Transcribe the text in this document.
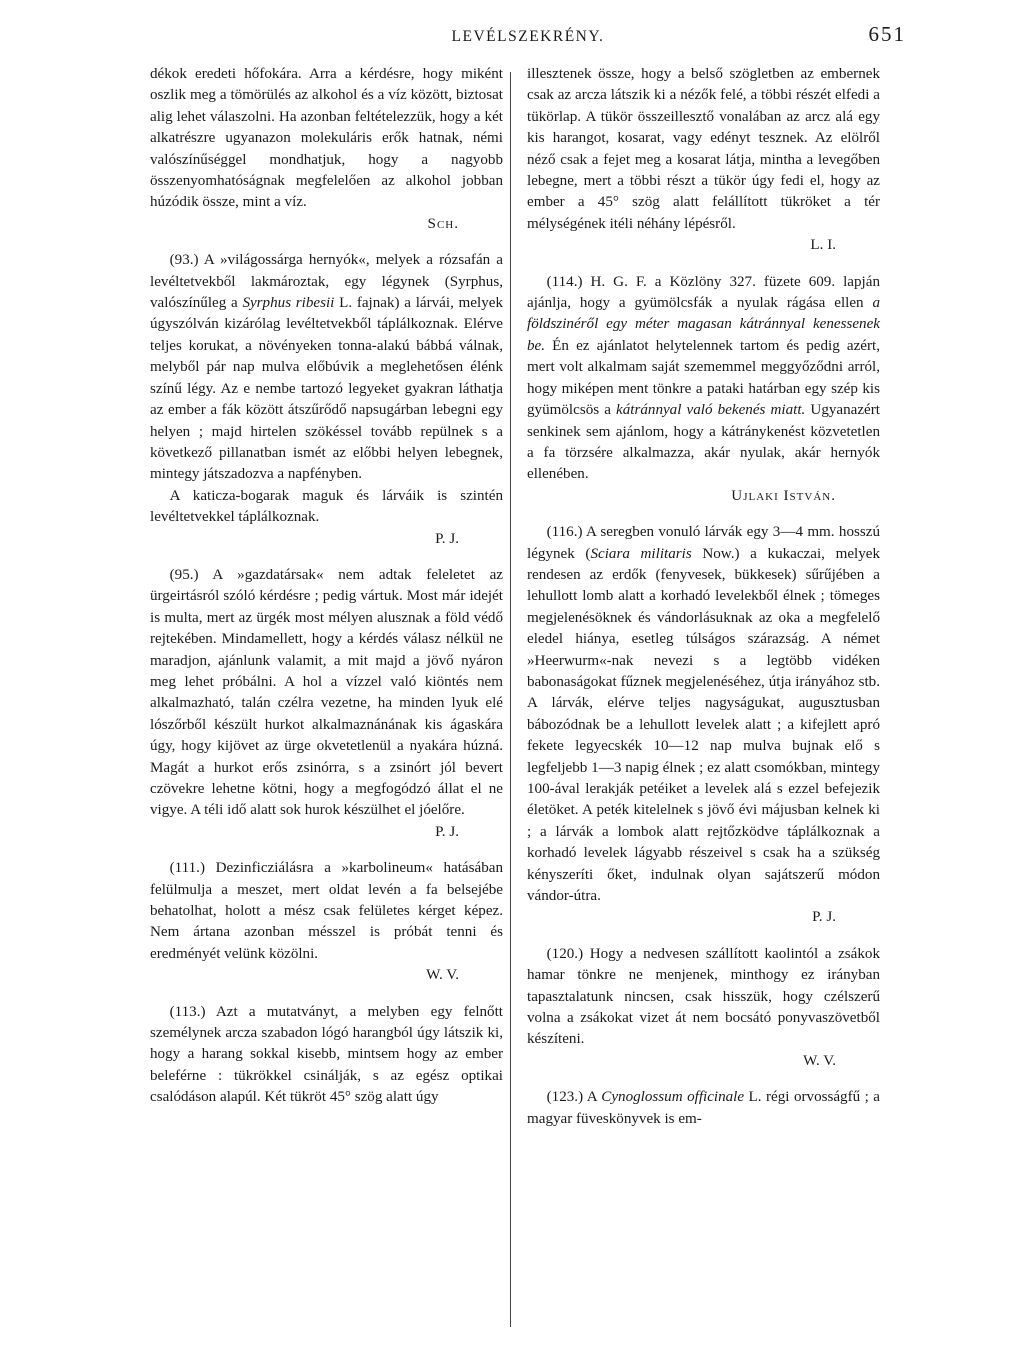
LEVÉLSZEKRÉNY.	651

dékok eredeti hőfokára. Arra a kérdésre, hogy miként oszlik meg a tömörülés az alkohol és a víz között, biztosat alig lehet válaszolni. Ha azonban feltételezzük, hogy a két alkatrészre ugyanazon molekuláris erők hatnak, némi valószínűséggel mondhatjuk, hogy a nagyobb összenyomhatóságnak megfelelően az alkohol jobban húzódik össze, mint a víz.

Sch.

(93.) A »világossárga hernyók«, melyek a rózsafán a levéltetvekből lakmároztak, egy légynek (Syrphus, valószínűleg a Syrphus ribesii L. fajnak) a lárvái, melyek úgyszólván kizárólag levéltetvekből táplálkoznak. Elérve teljes korukat, a növényeken tonna-alakú bábbá válnak, melyből pár nap mulva előbúvik a meglehetősen élénk színű légy. Az e nembe tartozó legyeket gyakran láthatja az ember a fák között átszűrődő napsugárban lebegni egy helyen ; majd hirtelen szökéssel tovább repülnek s a következő pillanatban ismét az előbbi helyen lebegnek, mintegy játszadozva a napfényben.

A katicza-bogarak maguk és lárváik is szintén levéltetvekkel táplálkoznak.

P. J.

(95.) A »gazdatársak« nem adtak feleletet az ürgeirtásról szóló kérdésre ; pedig vártuk. Most már idejét is multa, mert az ürgék most mélyen alusznak a föld védő rejtekében. Mindamellett, hogy a kérdés válasz nélkül ne maradjon, ajánlunk valamit, a mit majd a jövő nyáron meg lehet próbálni. A hol a vízzel való kiöntés nem alkalmazható, talán czélra vezetne, ha minden lyuk elé lószőrből készült hurkot alkalmaznánának kis ágaskára úgy, hogy kijövet az ürge okvetetlenül a nyakára húzná. Magát a hurkot erős zsinórra, s a zsinórt jól bevert czövekre lehetne kötni, hogy a megfogódzó állat el ne vigye. A téli idő alatt sok hurok készülhet el jóelőre.

P. J.

(111.) Dezinficziálásra a »karbolineum« hatásában felülmulja a meszet, mert oldat levén a fa belsejébe behatolhat, holott a mész csak felületes kérget képez. Nem ártana azonban mésszel is próbát tenni és eredményét velünk közölni.

W. V.

(113.) Azt a mutatványt, a melyben egy felnőtt személynek arcza szabadon lógó harangból úgy látszik ki, hogy a harang sokkal kisebb, mintsem hogy az ember beleférne : tükrökkel csinálják, s az egész optikai csalódáson alapúl. Két tükröt 45° szög alatt úgy

illesztenek össze, hogy a belső szögletben az embernek csak az arcza látszik ki a nézők felé, a többi részét elfedi a tükörlap. A tükör összeillesztő vonalában az arcz alá egy kis harangot, kosarat, vagy edényt tesznek. Az elölről néző csak a fejet meg a kosarat látja, mintha a levegőben lebegne, mert a többi részt a tükör úgy fedi el, hogy az ember a 45° szög alatt felállított tükröket a tér mélységének itéli néhány lépésről.

L. I.

(114.) H. G. F. a Közlöny 327. füzete 609. lapján ajánlja, hogy a gyümölcsfák a nyulak rágása ellen a földszinéről egy méter magasan kátránnyal kenessenek be. Én ez ajánlatot helytelennek tartom és pedig azért, mert volt alkalmam saját szememmel meggyőződni arról, hogy miképen ment tönkre a pataki határban egy szép kis gyümölcsös a kátránnyal való bekenés miatt. Ugyanazért senkinek sem ajánlom, hogy a kátránykenést közvetetlen a fa törzsére alkalmazza, akár nyulak, akár hernyók ellenében.

Ujlaki István.

(116.) A seregben vonuló lárvák egy 3—4 mm. hosszú légynek (Sciara militaris Now.) a kukaczai, melyek rendesen az erdők (fenyvesek, bükkesek) sűrűjében a lehullott lomb alatt a korhadó levelekből élnek ; tömeges megjelenésöknek és vándorlásuknak az oka a megfelelő eledel hiánya, esetleg túlságos szárazság. A német »Heerwurm«-nak nevezi s a legtöbb vidéken babonaságokat fűznek megjelenéséhez, útja irányához stb. A lárvák, elérve teljes nagyságukat, augusztusban bábozódnak be a lehullott levelek alatt ; a kifejlett apró fekete legyecskék 10—12 nap mulva bujnak elő s legfeljebb 1—3 napig élnek ; ez alatt csomókban, mintegy 100-ával lerakják petéiket a levelek alá s ezzel befejezik életöket. A peték kitelelnek s jövő évi májusban kelnek ki ; a lárvák a lombok alatt rejtőzködve táplálkoznak a korhadó levelek lágyabb részeivel s csak ha a szükség kényszeríti őket, indulnak olyan sajátszerű módon vándor-útra.

P. J.

(120.) Hogy a nedvesen szállított kaolintól a zsákok hamar tönkre ne menjenek, minthogy ez irányban tapasztalatunk nincsen, csak hisszük, hogy czélszerű volna a zsákokat vizet át nem bocsátó ponyvaszövetből készíteni.

W. V.

(123.) A Cynoglossum officinale L. régi orvosságfű ; a magyar füveskönyvek is em-
